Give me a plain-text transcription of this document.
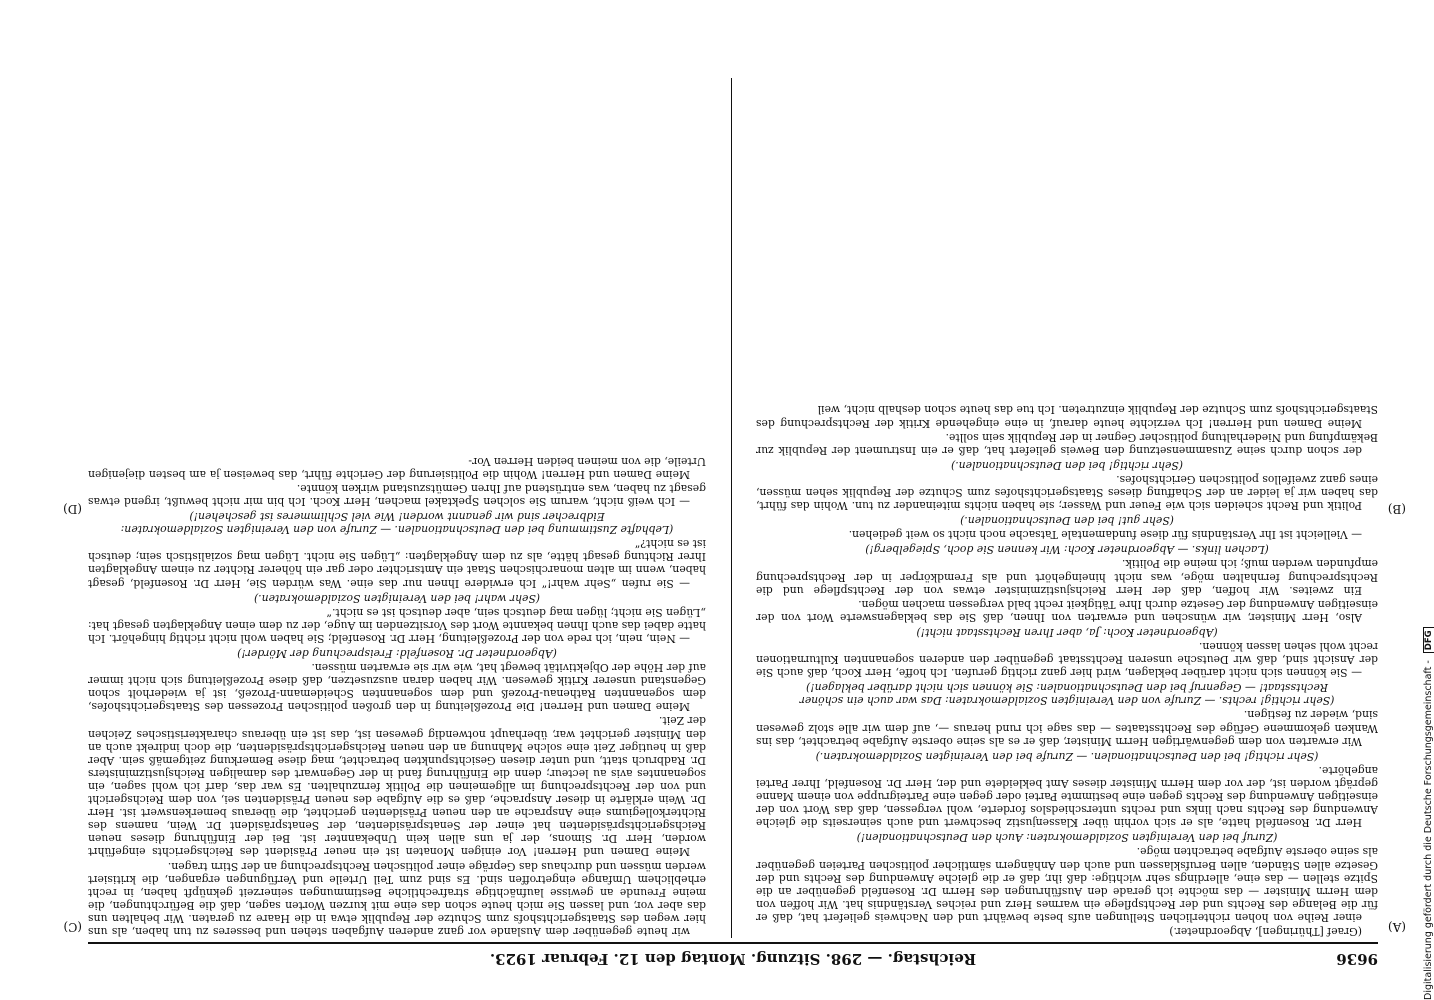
9636
Reichstag. — 298. Sitzung. Montag den 12. Februar 1923.
(A)
(B)
(C)
(D)

(Graef [Thüringen], Abgeordneter.)

einer Reihe von hohen richterlichen Stellungen aufs beste bewährt und den Nachweis geliefert hat, daß er für die Belange des Rechts und der Rechtspflege ein warmes Herz und reiches Verständnis hat. Wir hoffen von dem Herrn Minister — das möchte ich gerade den Ausführungen des Herrn Dr. Rosenfeld gegenüber an die Spitze stellen — das eine, allerdings sehr wichtige: daß ihr, daß er die gleiche Anwendung des Rechts und der Gesetze allen Ständen, allen Berufsklassen und auch den Anhängern sämtlicher politischen Parteien gegenüber als seine oberste Aufgabe betrachten möge.

(Zuruf bei den Vereinigten Sozialdemokraten: Auch den Deutschnationalen!)

Herr Dr. Rosenfeld hatte, als er sich vorhin über Klassenjustiz beschwert und auch seinerseits die gleiche Anwendung des Rechts nach links und rechts unterschiedslos forderte, wohl vergessen, daß das Wort von der einseitigen Anwendung des Rechts gegen eine bestimmte Partei oder gegen eine Parteigruppe von einem Manne geprägt worden ist, der vor dem Herrn Minister dieses Amt bekleidete und der, Herr Dr. Rosenfeld, Ihrer Partei angehörte.

(Sehr richtig! bei den Deutschnationalen. — Zurufe bei den Vereinigten Sozialdemokraten.)

Wir erwarten von dem gegenwärtigen Herrn Minister, daß er es als seine oberste Aufgabe betrachtet, das ins Wanken gekommene Gefüge des Rechtsstaates — das sage ich rund heraus —, auf dem wir alle stolz gewesen sind, wieder zu festigen.

(Sehr richtig! rechts. — Zurufe von den Vereinigten Sozialdemokraten: Das war auch ein schöner Rechtsstaat! — Gegenruf bei den Deutschnationalen: Sie können sich nicht darüber beklagen!)

— Sie können sich nicht darüber beklagen, wird hier ganz richtig gerufen. Ich hoffe, Herr Koch, daß auch Sie der Ansicht sind, daß wir Deutsche unseren Rechtsstaat gegenüber den anderen sogenannten Kulturnationen recht wohl sehen lassen können.

(Abgeordneter Koch: Ja, aber Ihren Rechtsstaat nicht!)

Also, Herr Minister, wir wünschen und erwarten von Ihnen, daß Sie das beklagenswerte Wort von der einseitigen Anwendung der Gesetze durch Ihre Tätigkeit recht bald vergessen machen mögen.

Ein zweites. Wir hoffen, daß der Herr Reichsjustizminister etwas von der Rechtspflege und die Rechtsprechung fernhalten möge, was nicht hineingehört und als Fremdkörper in der Rechtsprechung empfunden werden muß; ich meine die Politik.

(Lachen links. — Abgeordneter Koch: Wir kennen Sie doch, Spiegelberg!)

— Vielleicht ist Ihr Verständnis für diese fundamentale Tatsache noch nicht so weit gediehen.

(Sehr gut! bei den Deutschnationalen.)

Politik und Recht scheiden sich wie Feuer und Wasser; sie haben nichts miteinander zu tun. Wohin das führt, das haben wir ja leider an der Schaffung dieses Staatsgerichtshofes zum Schutze der Republik sehen müssen, eines ganz zweifellos politischen Gerichtshofes.

(Sehr richtig! bei den Deutschnationalen.)

der schon durch seine Zusammensetzung den Beweis geliefert hat, daß er ein Instrument der Republik zur Bekämpfung und Niederhaltung politischer Gegner in der Republik sein sollte.

Meine Damen und Herren! Ich verzichte heute darauf, in eine eingehende Kritik der Rechtsprechung des Staatsgerichtshofs zum Schutze der Republik einzutreten. Ich tue das heute schon deshalb nicht, weil

wir heute gegenüber dem Auslande vor ganz anderen Aufgaben stehen und besseres zu tun haben, als uns hier wegen des Staatsgerichtshofs zum Schutze der Republik etwa in die Haare zu geraten. Wir behalten uns das aber vor, und lassen Sie mich heute schon das eine mit kurzen Worten sagen, daß die Befürchtungen, die meine Freunde an gewisse laufnächtige strafrechtliche Bestimmungen seinerzeit geknüpft haben, in recht erheblichem Umfange eingetroffen sind. Es sind zum Teil Urteile und Verfügungen ergangen, die kritisiert werden müssen und durchaus das Gepräge einer politischen Rechtsprechung an der Stirn tragen.

Meine Damen und Herren! Vor einigen Monaten ist ein neuer Präsident des Reichsgerichts eingeführt worden, Herr Dr. Simons, der ja uns allen kein Unbekannter ist. Bei der Einführung dieses neuen Reichsgerichtspräsidenten hat einer der Senatspräsidenten, der Senatspräsident Dr. Wein, namens des Richterkollegiums eine Ansprache an den neuen Präsidenten gerichtet, die überaus bemerkenswert ist. Herr Dr. Wein erklärte in dieser Ansprache, daß es die Aufgabe des neuen Präsidenten sei, von dem Reichsgericht und von der Rechtsprechung im allgemeinen die Politik fernzuhalten. Es war das, darf ich wohl sagen, ein sogenanntes avis au lecteur; denn die Einführung fand in der Gegenwart des damaligen Reichsjustizministers Dr. Radbruch statt, und unter diesen Gesichtspunkten betrachtet, mag diese Bemerkung zeitgemäß sein. Aber daß in heutiger Zeit eine solche Mahnung an den neuen Reichsgerichtspräsidenten, die doch indirekt auch an den Minister gerichtet war, überhaupt notwendig gewesen ist, das ist ein überaus charakteristisches Zeichen der Zeit.

Meine Damen und Herren! Die Prozeßleitung in den großen politischen Prozessen des Staatsgerichtshofes, dem sogenannten Rathenau-Prozeß und dem sogenannten Scheidemann-Prozeß, ist ja wiederholt schon Gegenstand unserer Kritik gewesen. Wir haben daran auszusetzen, daß diese Prozeßleitung sich nicht immer auf der Höhe der Objektivität bewegt hat, wie wir sie erwarten müssen.

(Abgeordneter Dr. Rosenfeld: Freisprechung der Mörder!)

— Nein, nein, ich rede von der Prozeßleitung, Herr Dr. Rosenfeld; Sie haben wohl nicht richtig hingehört. Ich hatte dabei das auch Ihnen bekannte Wort des Vorsitzenden im Auge, der zu dem einen Angeklagten gesagt hat: „Lügen Sie nicht; lügen mag deutsch sein, aber deutsch ist es nicht.“

(Sehr wahr! bei den Vereinigten Sozialdemokraten.)

— Sie rufen „Sehr wahr!“ Ich erwidere Ihnen nur das eine. Was würden Sie, Herr Dr. Rosenfeld, gesagt haben, wenn im alten monarchischen Staat ein Amtsrichter oder gar ein höherer Richter zu einem Angeklagten Ihrer Richtung gesagt hätte, als zu dem Angeklagten: „Lügen Sie nicht. Lügen mag sozialistisch sein; deutsch ist es nicht?“

(Lebhafte Zustimmung bei den Deutschnationalen. — Zurufe von den Vereinigten Sozialdemokraten: Eidbrecher sind wir genannt worden! Wie viel Schlimmeres ist geschehen!)

— Ich weiß nicht, warum Sie solchen Spektakel machen, Herr Koch. Ich bin mir nicht bewußt, irgend etwas gesagt zu haben, was entrüstend auf Ihren Gemütszustand wirken könnte.

Meine Damen und Herren! Wohin die Politisierung der Gerichte führt, das beweisen ja am besten diejenigen Urteile, die von meinen beiden Herren Vor-

Digitalisierung gefördert durch die Deutsche Forschungsgemeinschaft - DFG
